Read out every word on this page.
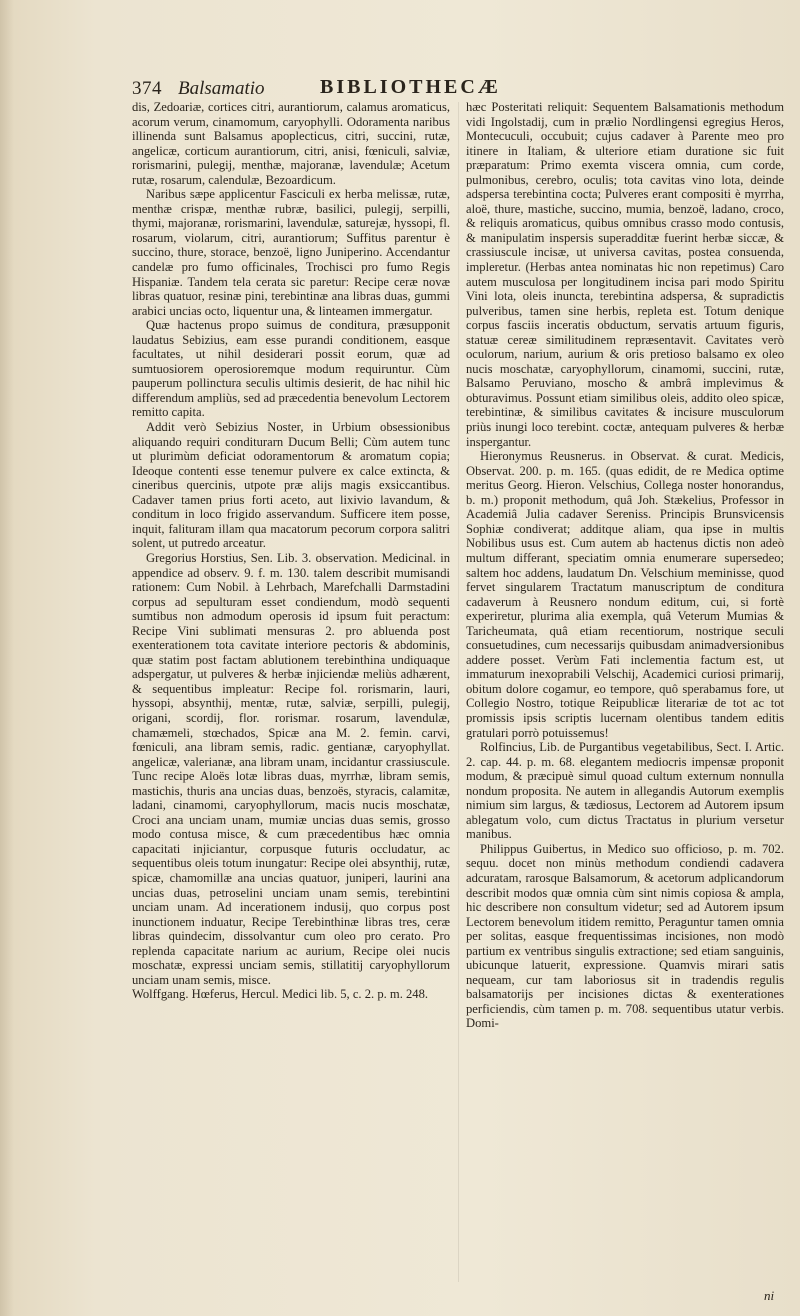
374 Balsamatio	BIBLIOTHECÆ

dis, Zedoariæ, cortices citri, aurantiorum, calamus aromaticus, acorum verum, cinamomum, caryophylli. Odoramenta naribus illinenda sunt Balsamus apoplecticus, citri, succini, rutæ, angelicæ, corticum aurantiorum, citri, anisi, fœniculi, salviæ, rorismarini, pulegij, menthæ, majoranæ, lavendulæ; Acetum rutæ, rosarum, calendulæ, Bezoardicum.

Naribus sæpe applicentur Fasciculi ex herba melissæ, rutæ, menthæ crispæ, menthæ rubræ, basilici, pulegij, serpilli, thymi, majoranæ, rorismarini, lavendulæ, saturejæ, hyssopi, fl. rosarum, violarum, citri, aurantiorum; Suffitus parentur è succino, thure, storace, benzoë, ligno Juniperino. Accendantur candelæ pro fumo officinales, Trochisci pro fumo Regis Hispaniæ. Tandem tela cerata sic paretur: Recipe ceræ novæ libras quatuor, resinæ pini, terebintinæ ana libras duas, gummi arabici uncias octo, liquentur una, & linteamen immergatur.

Quæ hactenus propo suimus de conditura, præsupponit laudatus Sebizius, eam esse purandi conditionem, easque facultates, ut nihil desiderari possit eorum, quæ ad sumtuosiorem operosioremque modum requiruntur. Cùm pauperum pollinctura seculis ultimis desierit, de hac nihil hic differendum ampliùs, sed ad præcedentia benevolum Lectorem remitto capita.

Addit verò Sebizius Noster, in Urbium obsessionibus aliquando requiri conditurarn Ducum Belli; Cùm autem tunc ut plurimùm deficiat odoramentorum & aromatum copia; Ideoque contenti esse tenemur pulvere ex calce extincta, & cineribus quercinis, utpote præ alijs magis exsiccantibus. Cadaver tamen prius forti aceto, aut lixivio lavandum, & conditum in loco frigido asservandum. Sufficere item posse, inquit, falituram illam qua macatorum pecorum corpora salitri solent, ut putredo arceatur.

Gregorius Horstius, Sen. Lib. 3. observation. Medicinal. in appendice ad observ. 9. f. m. 130. talem describit mumisandi rationem: Cum Nobil. à Lehrbach, Marefchalli Darmstadini corpus ad sepulturam esset condiendum, modò sequenti sumtibus non admodum operosis id ipsum fuit peractum: Recipe Vini sublimati mensuras 2. pro abluenda post exenterationem tota cavitate interiore pectoris & abdominis, quæ statim post factam ablutionem terebinthina undiquaque adspergatur, ut pulveres & herbæ injiciendæ meliùs adhærent, & sequentibus impleatur: Recipe fol. rorismarin, lauri, hyssopi, absynthij, mentæ, rutæ, salviæ, serpilli, pulegij, origani, scordij, flor. rorismar. rosarum, lavendulæ, chamæmeli, stœchados, Spicæ ana M. 2. femin. carvi, fœniculi, ana libram semis, radic. gentianæ, caryophyllat. angelicæ, valerianæ, ana libram unam, incidantur crassiuscule. Tunc recipe Aloës lotæ libras duas, myrrhæ, libram semis, mastichis, thuris ana uncias duas, benzoës, styracis, calamitæ, ladani, cinamomi, caryophyllorum, macis nucis moschatæ, Croci ana unciam unam, mumiæ uncias duas semis, grosso modo contusa misce, & cum præcedentibus hæc omnia capacitati injiciantur, corpusque futuris occludatur, ac sequentibus oleis totum inungatur: Recipe olei absynthij, rutæ, spicæ, chamomillæ ana uncias quatuor, juniperi, laurini ana uncias duas, petroselini unciam unam semis, terebintini unciam unam. Ad incerationem indusij, quo corpus post inunctionem induatur, Recipe Terebinthinæ libras tres, ceræ libras quindecim, dissolvantur cum oleo pro cerato. Pro replenda capacitate narium ac aurium, Recipe olei nucis moschatæ, expressi unciam semis, stillatitij caryophyllorum unciam unam semis, misce.

Wolffgang. Hœferus, Hercul. Medici lib. 5, c. 2. p. m. 248.

hæc Posteritati reliquit: Sequentem Balsamationis methodum vidi Ingolstadij, cum in prælio Nordlingensi egregius Heros, Montecuculi, occubuit; cujus cadaver à Parente meo pro itinere in Italiam, & ulteriore etiam duratione sic fuit præparatum: Primo exemta viscera omnia, cum corde, pulmonibus, cerebro, oculis; tota cavitas vino lota, deinde adspersa terebintina cocta; Pulveres erant compositi è myrrha, aloë, thure, mastiche, succino, mumia, benzoë, ladano, croco, & reliquis aromaticus, quibus omnibus crasso modo contusis, & manipulatim inspersis superadditæ fuerint herbæ siccæ, & crassiuscule incisæ, ut universa cavitas, postea consuenda, impleretur. (Herbas antea nominatas hic non repetimus) Caro autem musculosa per longitudinem incisa pari modo Spiritu Vini lota, oleis inuncta, terebintina adspersa, & supradictis pulveribus, tamen sine herbis, repleta est. Totum denique corpus fasciis inceratis obductum, servatis artuum figuris, statuæ cereæ similitudinem repræsentavit. Cavitates verò oculorum, narium, aurium & oris pretioso balsamo ex oleo nucis moschatæ, caryophyllorum, cinamomi, succini, rutæ, Balsamo Peruviano, moscho & ambrâ implevimus & obturavimus. Possunt etiam similibus oleis, addito oleo spicæ, terebintinæ, & similibus cavitates & incisure musculorum priùs inungi loco terebint. coctæ, antequam pulveres & herbæ inspergantur.

Hieronymus Reusnerus. in Observat. & curat. Medicis, Observat. 200. p. m. 165. (quas edidit, de re Medica optime meritus Georg. Hieron. Velschius, Collega noster honorandus, b. m.) proponit methodum, quâ Joh. Stækelius, Professor in Academiâ Julia cadaver Sereniss. Principis Brunsvicensis Sophiæ condiverat; additque aliam, qua ipse in multis Nobilibus usus est. Cum autem ab hactenus dictis non adeò multum differant, speciatim omnia enumerare supersedeo; saltem hoc addens, laudatum Dn. Velschium meminisse, quod fervet singularem Tractatum manuscriptum de conditura cadaverum à Reusnero nondum editum, cui, si fortè experiretur, plurima alia exempla, quâ Veterum Mumias & Taricheumata, quâ etiam recentiorum, nostrique seculi consuetudines, cum necessarijs quibusdam animadversionibus addere posset. Verùm Fati inclementia factum est, ut immaturum inexoprabili Velschij, Academici curiosi primarij, obitum dolore cogamur, eo tempore, quô sperabamus fore, ut Collegio Nostro, totique Reipublicæ literariæ de tot ac tot promissis ipsis scriptis lucernam olentibus tandem editis gratulari porrò potuissemus!

Rolfincius, Lib. de Purgantibus vegetabilibus, Sect. I. Artic. 2. cap. 44. p. m. 68. elegantem mediocris impensæ proponit modum, & præcipuè simul quoad cultum externum nonnulla nondum proposita. Ne autem in allegandis Autorum exemplis nimium sim largus, & tædiosus, Lectorem ad Autorem ipsum ablegatum volo, cum dictus Tractatus in plurium versetur manibus.

Philippus Guibertus, in Medico suo officioso, p. m. 702. sequu. docet non minùs methodum condiendi cadavera adcuratam, rarosque Balsamorum, & acetorum adplicandorum describit modos quæ omnia cùm sint nimis copiosa & ampla, hic describere non consultum videtur; sed ad Autorem ipsum Lectorem benevolum itidem remitto, Peraguntur tamen omnia per solitas, easque frequentissimas incisiones, non modò partium ex ventribus singulis extractione; sed etiam sanguinis, ubicunque latuerit, expressione. Quamvis mirari satis nequeam, cur tam laboriosus sit in tradendis regulis balsamatorijs per incisiones dictas & exenterationes perficiendis, cùm tamen p. m. 708. sequentibus utatur verbis. Domi-

ni
